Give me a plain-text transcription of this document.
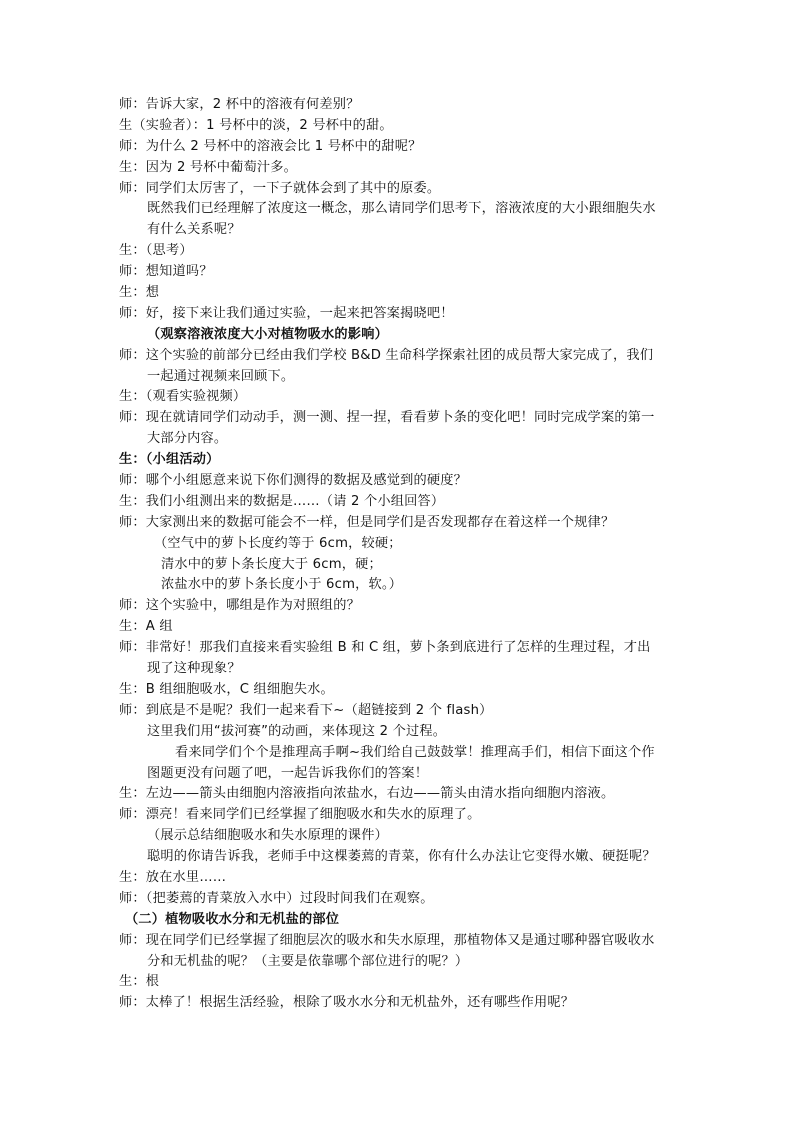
师：告诉大家，2 杯中的溶液有何差别？
生（实验者）：1 号杯中的淡，2 号杯中的甜。
师：为什么 2 号杯中的溶液会比 1 号杯中的甜呢？
生：因为 2 号杯中葡萄汁多。
师：同学们太厉害了，一下子就体会到了其中的原委。
既然我们已经理解了浓度这一概念，那么请同学们思考下，溶液浓度的大小跟细胞失水
有什么关系呢？
生：（思考）
师：想知道吗？
生：想
师：好，接下来让我们通过实验，一起来把答案揭晓吧！
（观察溶液浓度大小对植物吸水的影响）
师：这个实验的前部分已经由我们学校 B&D 生命科学探索社团的成员帮大家完成了，我们
一起通过视频来回顾下。
生：（观看实验视频）
师：现在就请同学们动动手，测一测、捏一捏，看看萝卜条的变化吧！同时完成学案的第一
大部分内容。
生：（小组活动）
师：哪个小组愿意来说下你们测得的数据及感觉到的硬度？
生：我们小组测出来的数据是……（请 2 个小组回答）
师：大家测出来的数据可能会不一样，但是同学们是否发现都存在着这样一个规律？
（空气中的萝卜长度约等于 6cm，较硬；
清水中的萝卜条长度大于 6cm，硬；
浓盐水中的萝卜条长度小于 6cm，软。）
师：这个实验中，哪组是作为对照组的？
生：A 组
师：非常好！那我们直接来看实验组 B 和 C 组，萝卜条到底进行了怎样的生理过程，才出
现了这种现象？
生：B 组细胞吸水，C 组细胞失水。
师：到底是不是呢？我们一起来看下~（超链接到 2 个 flash）
这里我们用“拔河赛”的动画，来体现这 2 个过程。
看来同学们个个是推理高手啊~我们给自己鼓鼓掌！推理高手们，相信下面这个作
图题更没有问题了吧，一起告诉我你们的答案！
生：左边——箭头由细胞内溶液指向浓盐水，右边——箭头由清水指向细胞内溶液。
师：漂亮！看来同学们已经掌握了细胞吸水和失水的原理了。
（展示总结细胞吸水和失水原理的课件）
聪明的你请告诉我，老师手中这棵萎蔫的青菜，你有什么办法让它变得水嫩、硬挺呢？
生：放在水里……
师：（把萎蔫的青菜放入水中）过段时间我们在观察。
（二）植物吸收水分和无机盐的部位
师：现在同学们已经掌握了细胞层次的吸水和失水原理，那植物体又是通过哪种器官吸收水
分和无机盐的呢？（主要是依靠哪个部位进行的呢？）
生：根
师：太棒了！根据生活经验，根除了吸水水分和无机盐外，还有哪些作用呢？
